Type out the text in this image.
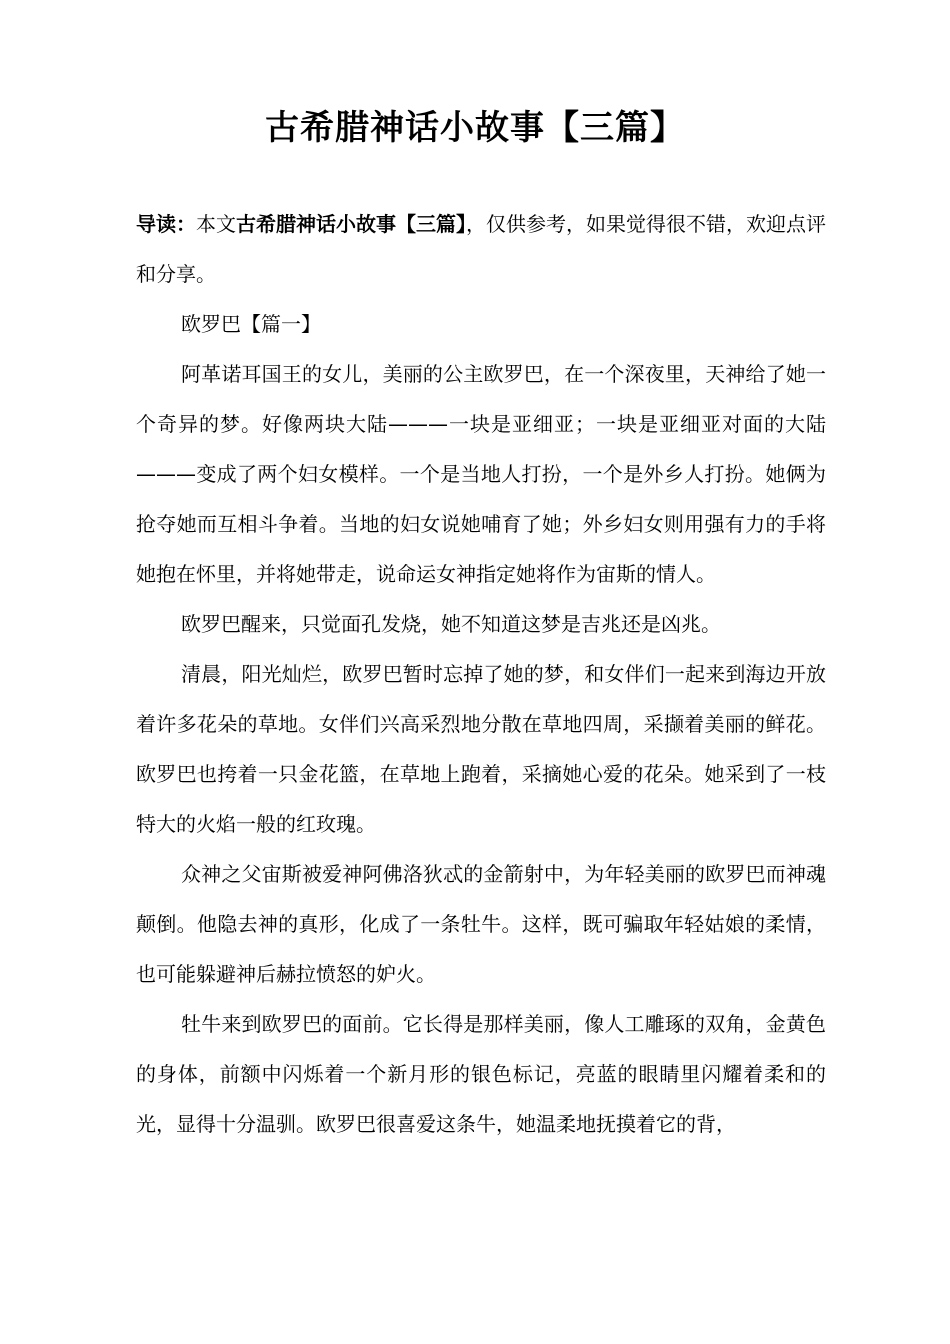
古希腊神话小故事【三篇】

导读：本文古希腊神话小故事【三篇】，仅供参考，如果觉得很不错，欢迎点评和分享。

欧罗巴【篇一】

阿革诺耳国王的女儿，美丽的公主欧罗巴，在一个深夜里，天神给了她一个奇异的梦。好像两块大陆———一块是亚细亚；一块是亚细亚对面的大陆———变成了两个妇女模样。一个是当地人打扮，一个是外乡人打扮。她俩为抢夺她而互相斗争着。当地的妇女说她哺育了她；外乡妇女则用强有力的手将她抱在怀里，并将她带走，说命运女神指定她将作为宙斯的情人。

欧罗巴醒来，只觉面孔发烧，她不知道这梦是吉兆还是凶兆。

清晨，阳光灿烂，欧罗巴暂时忘掉了她的梦，和女伴们一起来到海边开放着许多花朵的草地。女伴们兴高采烈地分散在草地四周，采撷着美丽的鲜花。欧罗巴也挎着一只金花篮，在草地上跑着，采摘她心爱的花朵。她采到了一枝特大的火焰一般的红玫瑰。

众神之父宙斯被爱神阿佛洛狄忒的金箭射中，为年轻美丽的欧罗巴而神魂颠倒。他隐去神的真形，化成了一条牡牛。这样，既可骗取年轻姑娘的柔情，也可能躲避神后赫拉愤怒的妒火。

牡牛来到欧罗巴的面前。它长得是那样美丽，像人工雕琢的双角，金黄色的身体，前额中闪烁着一个新月形的银色标记，亮蓝的眼睛里闪耀着柔和的光，显得十分温驯。欧罗巴很喜爱这条牛，她温柔地抚摸着它的背，
